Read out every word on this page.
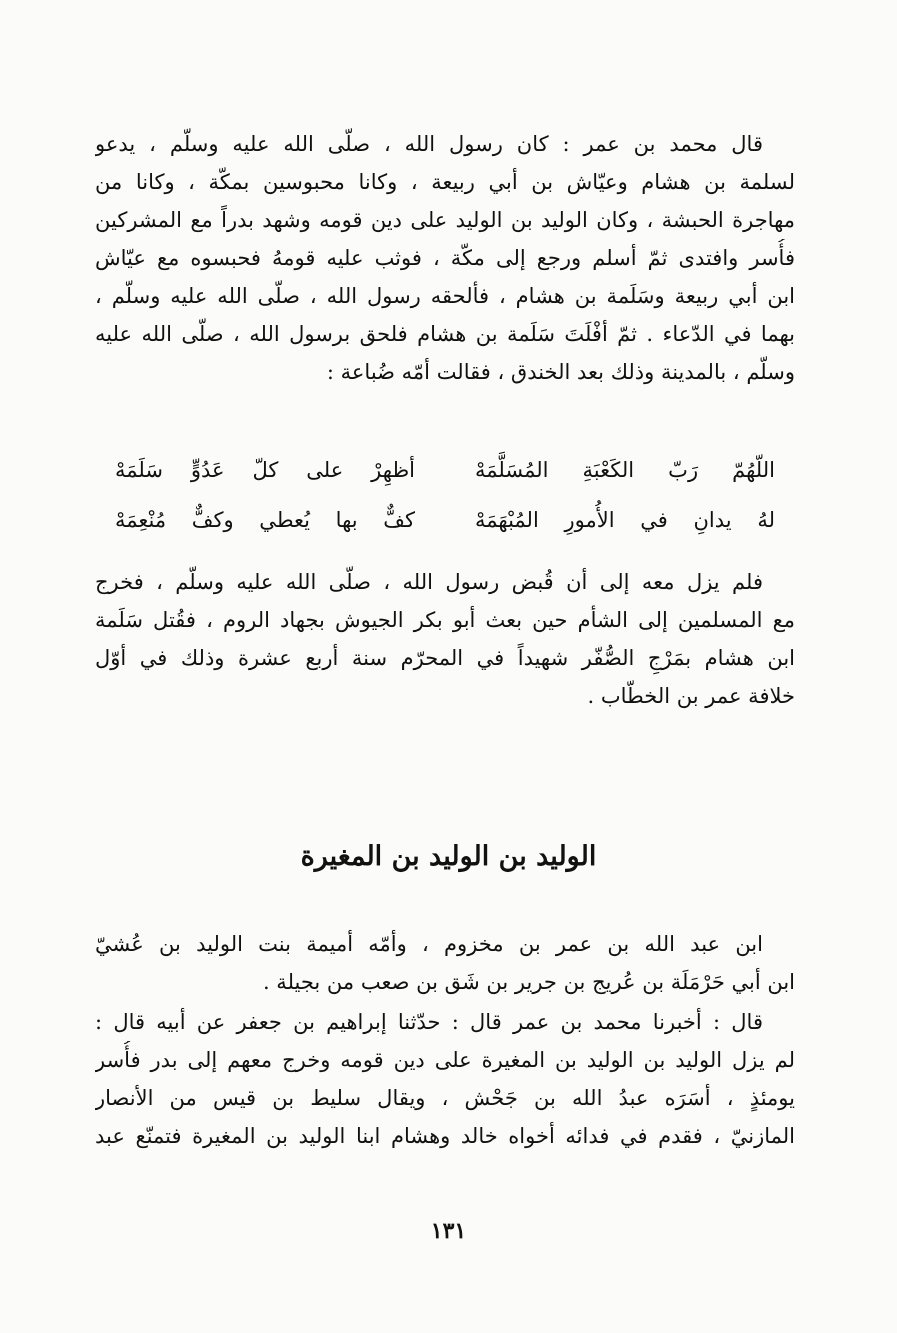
قال محمد بن عمر : كان رسول الله ، صلّى الله عليه وسلّم ، يدعو
لسلمة بن هشام وعيّاش بن أبي ربيعة ، وكانا محبوسين بمكّة ، وكانا من
مهاجرة الحبشة ، وكان الوليد بن الوليد على دين قومه وشهد بدراً مع المشركين
فأُسر وافتدى ثمّ أسلم ورجع إلى مكّة ، فوثب عليه قومهُ فحبسوه مع عيّاش
ابن أبي ربيعة وسَلَمة بن هشام ، فألحقه رسول الله ، صلّى الله عليه وسلّم ،
بهما في الدّعاء . ثمّ أفْلَتَ سَلَمة بن هشام فلحق برسول الله ، صلّى الله عليه
وسلّم ، بالمدينة وذلك بعد الخندق ، فقالت أمّه ضُباعة :
اللّهُمّ رَبّ الكَعْبَةِ المُسَلَّمَهْ
أظهِرْ على كلّ عَدُوٍّ سَلَمَهْ
لهُ يدانِ في الأُمورِ المُبْهَمَهْ
كفٌّ بها يُعطي وكفٌّ مُنْعِمَهْ
فلم يزل معه إلى أن قُبض رسول الله ، صلّى الله عليه وسلّم ، فخرج
مع المسلمين إلى الشأم حين بعث أبو بكر الجيوش بجهاد الروم ، فقُتل سَلَمة
ابن هشام بمَرْجِ الصُّفّر شهيداً في المحرّم سنة أربع عشرة وذلك في أوّل
خلافة عمر بن الخطّاب .
الوليد بن الوليد بن المغيرة
ابن عبد الله بن عمر بن مخزوم ، وأمّه أميمة بنت الوليد بن عُشيّ
ابن أبي حَرْمَلَة بن عُريج بن جرير بن شَق بن صعب من بجيلة .
قال : أخبرنا محمد بن عمر قال : حدّثنا إبراهيم بن جعفر عن أبيه قال :
لم يزل الوليد بن الوليد بن المغيرة على دين قومه وخرج معهم إلى بدر فأُسر
يومئذٍ ، أسَرَه عبدُ الله بن جَحْش ، ويقال سليط بن قيس من الأنصار
المازنيّ ، فقدم في فدائه أخواه خالد وهشام ابنا الوليد بن المغيرة فتمنّع عبد
١٣١
